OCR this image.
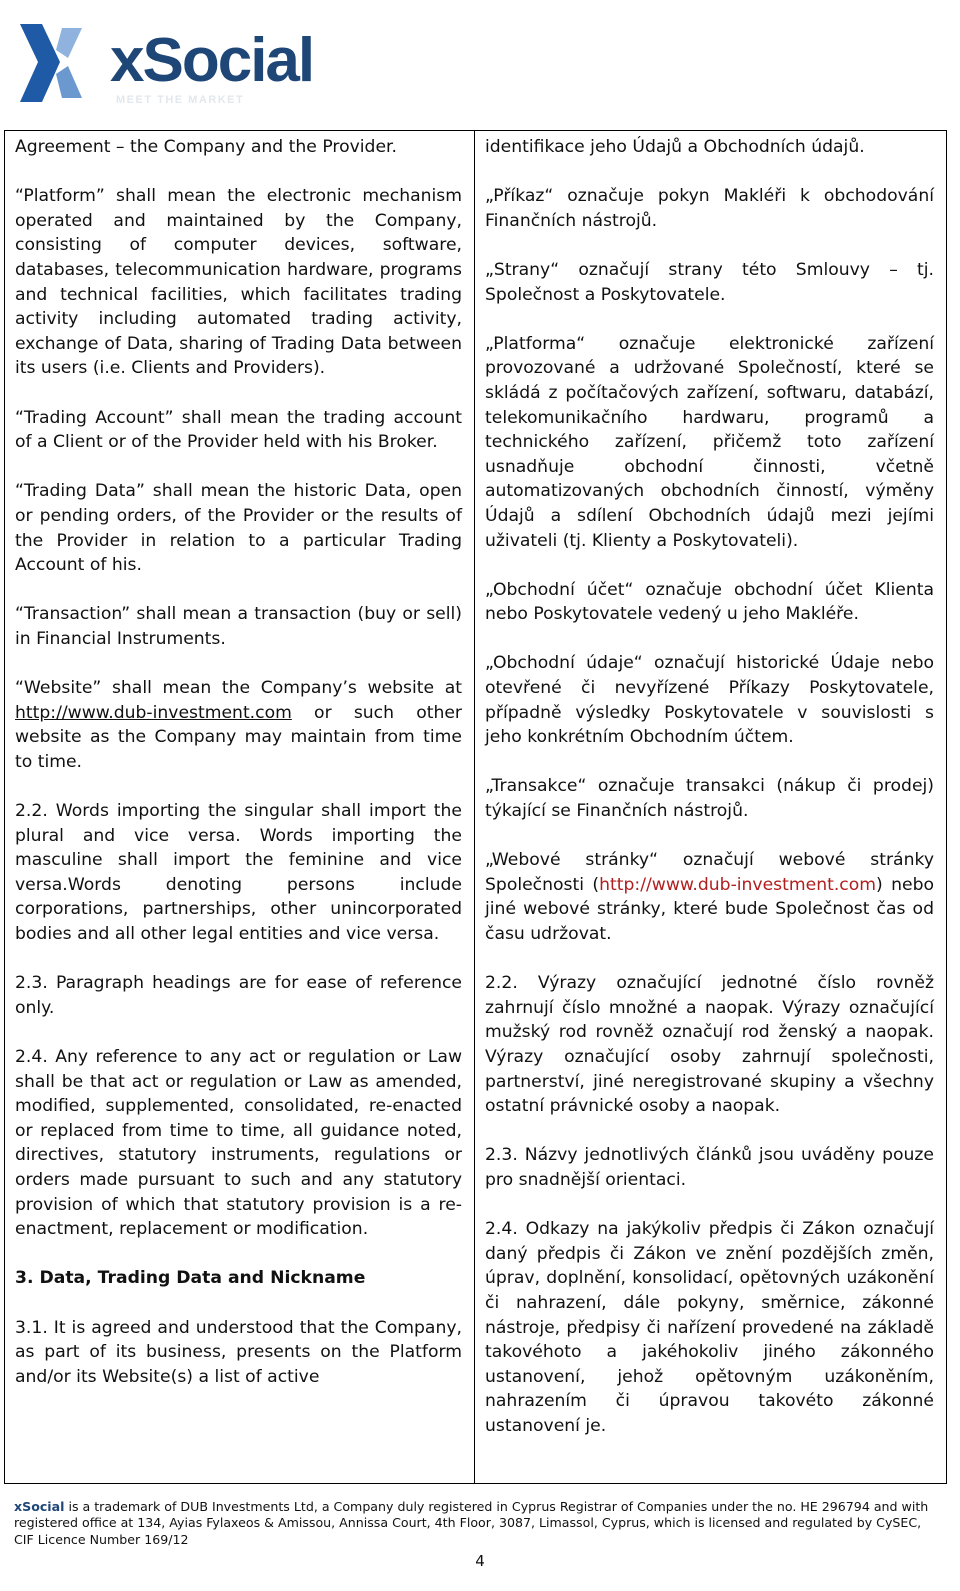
xSocial
MEET THE MARKET

Agreement – the Company and the Provider.

“Platform” shall mean the electronic mechanism operated and maintained by the Company, consisting of computer devices, software, databases, telecommunication hardware, programs and technical facilities, which facilitates trading activity including automated trading activity, exchange of Data, sharing of Trading Data between its users (i.e. Clients and Providers).

“Trading Account” shall mean the trading account of a Client or of the Provider held with his Broker.

“Trading Data” shall mean the historic Data, open or pending orders, of the Provider or the results of the Provider in relation to a particular Trading Account of his.

“Transaction” shall mean a transaction (buy or sell) in Financial Instruments.

“Website” shall mean the Company’s website at http://www.dub-investment.com or such other website as the Company may maintain from time to time.

2.2. Words importing the singular shall import the plural and vice versa. Words importing the masculine shall import the feminine and vice versa.Words denoting persons include corporations, partnerships, other unincorporated bodies and all other legal entities and vice versa.

2.3. Paragraph headings are for ease of reference only.

2.4. Any reference to any act or regulation or Law shall be that act or regulation or Law as amended, modified, supplemented, consolidated, re-enacted or replaced from time to time, all guidance noted, directives, statutory instruments, regulations or orders made pursuant to such and any statutory provision of which that statutory provision is a re-enactment, replacement or modification.

3. Data, Trading Data and Nickname

3.1. It is agreed and understood that the Company, as part of its business, presents on the Platform and/or its Website(s) a list of active

identifikace jeho Údajů a Obchodních údajů.

„Příkaz“ označuje pokyn Makléři k obchodování Finančních nástrojů.

„Strany“ označují strany této Smlouvy – tj. Společnost a Poskytovatele.

„Platforma“ označuje elektronické zařízení provozované a udržované Společností, které se skládá z počítačových zařízení, softwaru, databází, telekomunikačního hardwaru, programů a technického zařízení, přičemž toto zařízení usnadňuje obchodní činnosti, včetně automatizovaných obchodních činností, výměny Údajů a sdílení Obchodních údajů mezi jejími uživateli (tj. Klienty a Poskytovateli).

„Obchodní účet“ označuje obchodní účet Klienta nebo Poskytovatele vedený u jeho Makléře.

„Obchodní údaje“ označují historické Údaje nebo otevřené či nevyřízené Příkazy Poskytovatele, případně výsledky Poskytovatele v souvislosti s jeho konkrétním Obchodním účtem.

„Transakce“ označuje transakci (nákup či prodej) týkající se Finančních nástrojů.

„Webové stránky“ označují webové stránky Společnosti (http://www.dub-investment.com) nebo jiné webové stránky, které bude Společnost čas od času udržovat.

2.2. Výrazy označující jednotné číslo rovněž zahrnují číslo množné a naopak. Výrazy označující mužský rod rovněž označují rod ženský a naopak. Výrazy označující osoby zahrnují společnosti, partnerství, jiné neregistrované skupiny a všechny ostatní právnické osoby a naopak.

2.3. Názvy jednotlivých článků jsou uváděny pouze pro snadnější orientaci.

2.4. Odkazy na jakýkoliv předpis či Zákon označují daný předpis či Zákon ve znění pozdějších změn, úprav, doplnění, konsolidací, opětovných uzákonění či nahrazení, dále pokyny, směrnice, zákonné nástroje, předpisy či nařízení provedené na základě takovéhoto a jakéhokoliv jiného zákonného ustanovení, jehož opětovným uzákoněním, nahrazením či úpravou takovéto zákonné ustanovení je.

xSocial is a trademark of DUB Investments Ltd, a Company duly registered in Cyprus Registrar of Companies under the no. HE 296794 and with registered office at 134, Ayias Fylaxeos & Amissou, Annissa Court, 4th Floor, 3087, Limassol, Cyprus, which is licensed and regulated by CySEC, CIF Licence Number 169/12
4
